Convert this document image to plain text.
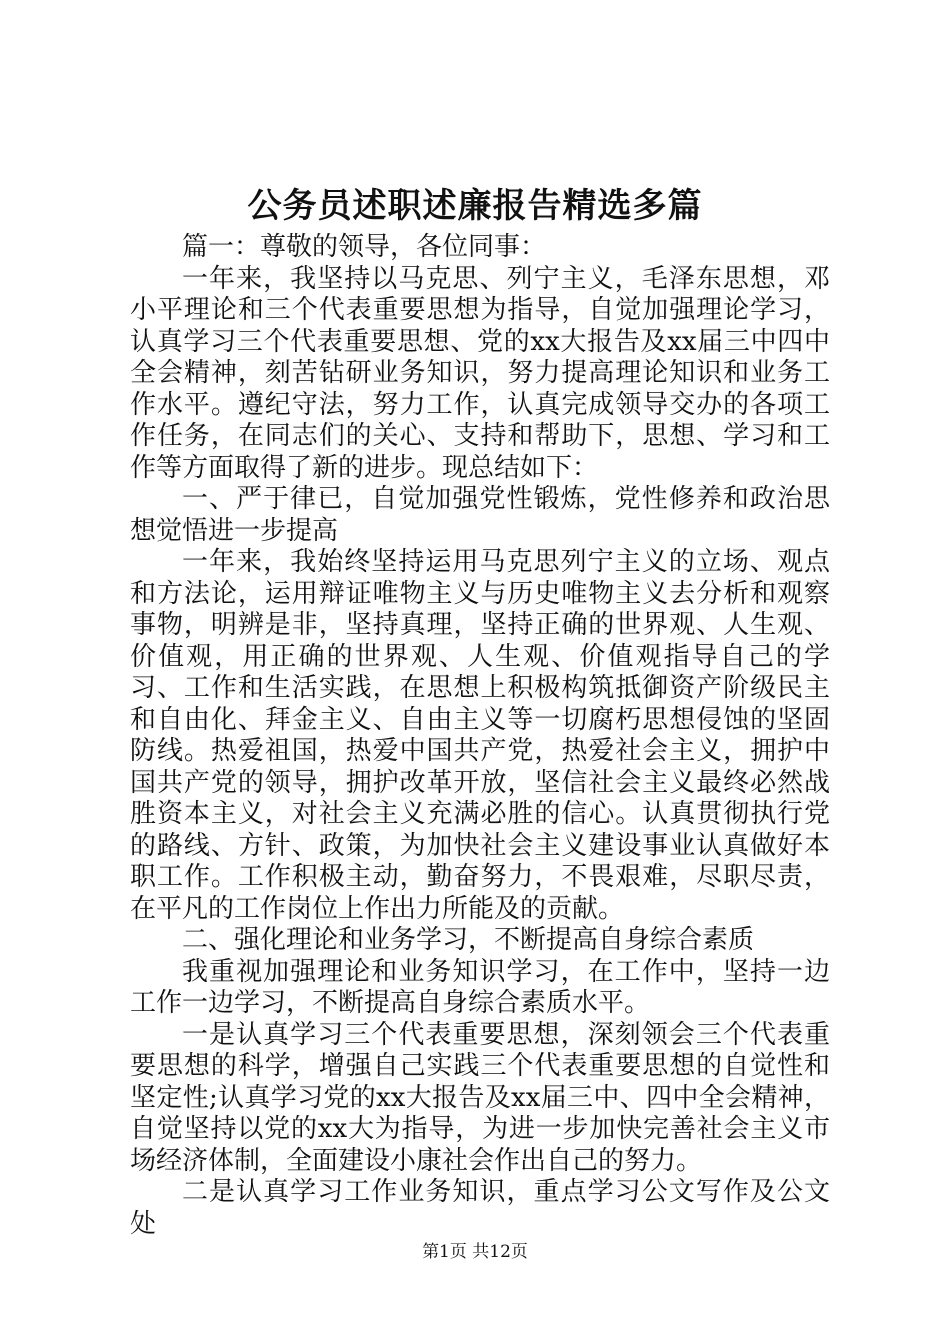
公务员述职述廉报告精选多篇

篇一：尊敬的领导，各位同事：

一年来，我坚持以马克思、列宁主义，毛泽东思想，邓小平理论和三个代表重要思想为指导，自觉加强理论学习，认真学习三个代表重要思想、党的xx大报告及xx届三中四中全会精神，刻苦钻研业务知识，努力提高理论知识和业务工作水平。遵纪守法，努力工作，认真完成领导交办的各项工作任务，在同志们的关心、支持和帮助下，思想、学习和工作等方面取得了新的进步。现总结如下：

一、严于律已，自觉加强党性锻炼，党性修养和政治思想觉悟进一步提高

一年来，我始终坚持运用马克思列宁主义的立场、观点和方法论，运用辩证唯物主义与历史唯物主义去分析和观察事物，明辨是非，坚持真理，坚持正确的世界观、人生观、价值观，用正确的世界观、人生观、价值观指导自己的学习、工作和生活实践，在思想上积极构筑抵御资产阶级民主和自由化、拜金主义、自由主义等一切腐朽思想侵蚀的坚固防线。热爱祖国，热爱中国共产党，热爱社会主义，拥护中国共产党的领导，拥护改革开放，坚信社会主义最终必然战胜资本主义，对社会主义充满必胜的信心。认真贯彻执行党的路线、方针、政策，为加快社会主义建设事业认真做好本职工作。工作积极主动，勤奋努力，不畏艰难，尽职尽责，在平凡的工作岗位上作出力所能及的贡献。

二、强化理论和业务学习，不断提高自身综合素质

我重视加强理论和业务知识学习，在工作中，坚持一边工作一边学习，不断提高自身综合素质水平。

一是认真学习三个代表重要思想，深刻领会三个代表重要思想的科学，增强自己实践三个代表重要思想的自觉性和坚定性;认真学习党的xx大报告及xx届三中、四中全会精神，自觉坚持以党的xx大为指导，为进一步加快完善社会主义市场经济体制，全面建设小康社会作出自己的努力。

二是认真学习工作业务知识，重点学习公文写作及公文处

第1页 共12页
